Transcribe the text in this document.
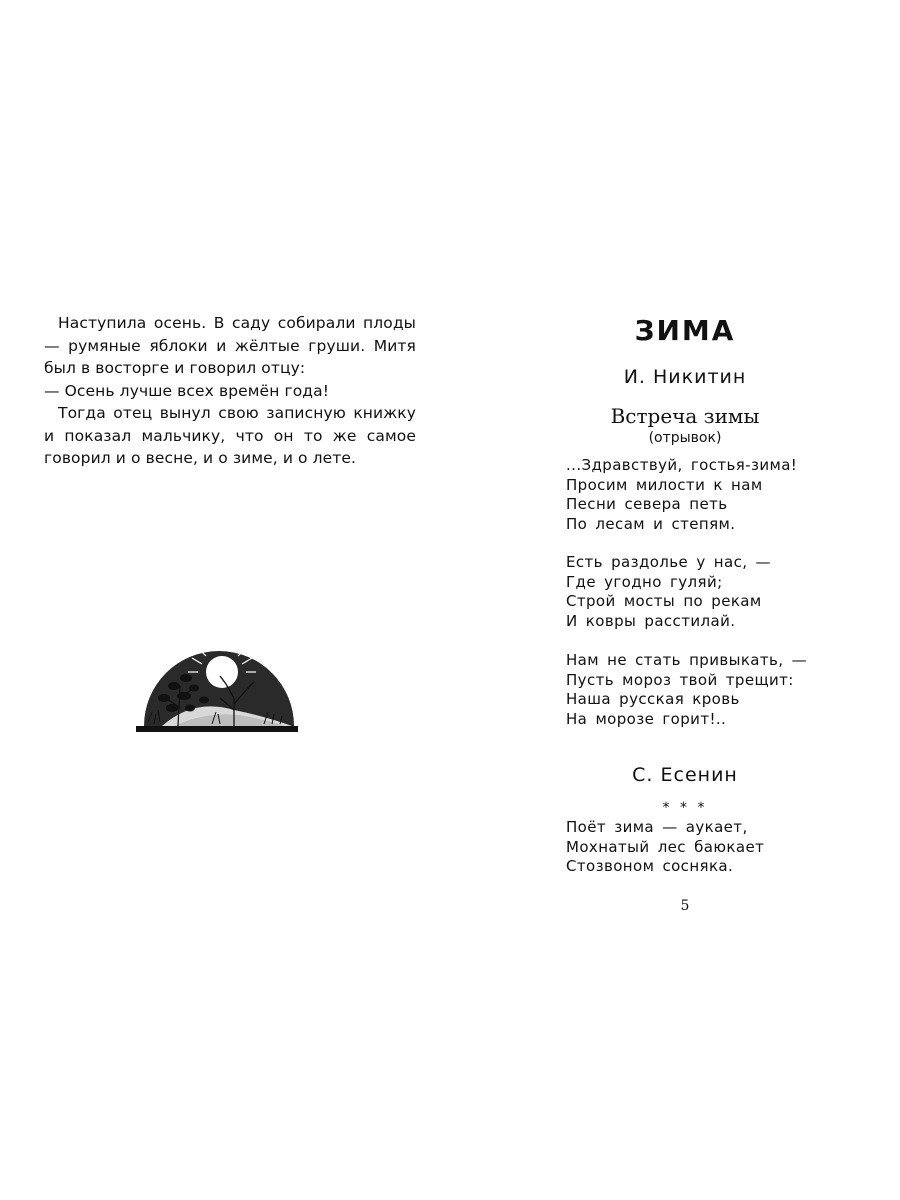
Наступила осень. В саду собирали плоды — румяные яблоки и жёлтые груши. Митя был в восторге и говорил отцу:
— Осень лучше всех времён года!
Тогда отец вынул свою записную книжку и показал мальчику, что он то же самое говорил и о весне, и о зиме, и о лете.
ЗИМА
И. Никитин
Встреча зимы
(отрывок)
...Здравствуй, гостья-зима!
Просим милости к нам
Песни севера петь
По лесам и степям.
Есть раздолье у нас, —
Где угодно гуляй;
Строй мосты по рекам
И ковры расстилай.
Нам не стать привыкать, —
Пусть мороз твой трещит:
Наша русская кровь
На морозе горит!..
С. Есенин
* * *
Поёт зима — аукает,
Мохнатый лес баюкает
Стозвоном сосняка.
5
